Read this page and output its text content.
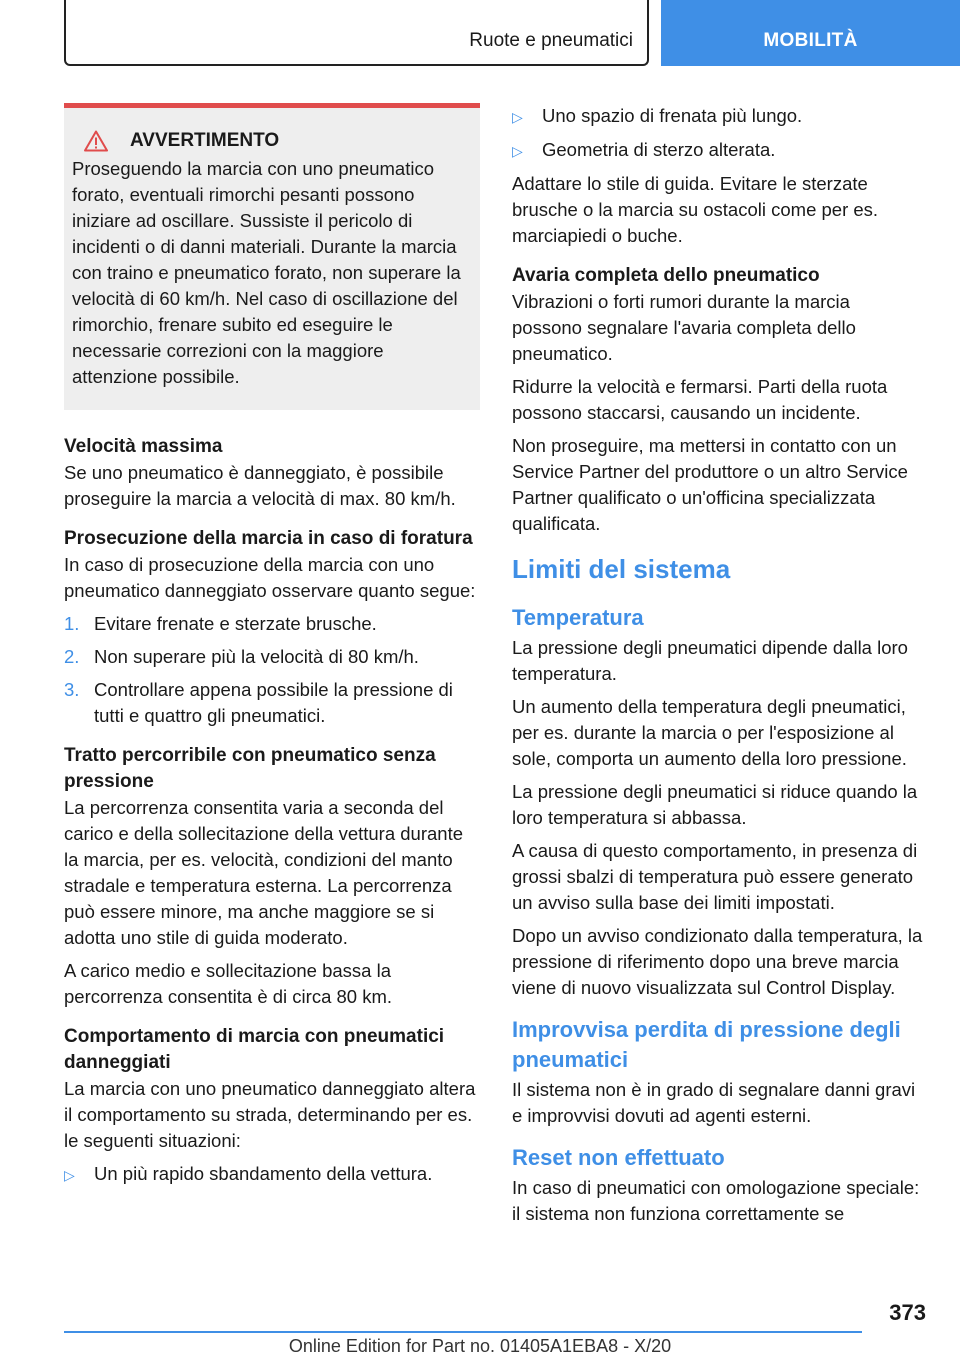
Ruote e pneumatici	MOBILITÀ
AVVERTIMENTO
Proseguendo la marcia con uno pneumatico forato, eventuali rimorchi pesanti possono iniziare ad oscillare. Sussiste il pericolo di incidenti o di danni materiali. Durante la marcia con traino e pneumatico forato, non superare la velocità di 60 km/h. Nel caso di oscillazione del rimorchio, frenare subito ed eseguire le necessarie correzioni con la maggiore attenzione possibile.
Velocità massima

Se uno pneumatico è danneggiato, è possibile proseguire la marcia a velocità di max. 80 km/h.

Prosecuzione della marcia in caso di foratura

In caso di prosecuzione della marcia con uno pneumatico danneggiato osservare quanto segue:

1. Evitare frenate e sterzate brusche.
2. Non superare più la velocità di 80 km/h.
3. Controllare appena possibile la pressione di tutti e quattro gli pneumatici.
Tratto percorribile con pneumatico senza pressione

La percorrenza consentita varia a seconda del carico e della sollecitazione della vettura durante la marcia, per es. velocità, condizioni del manto stradale e temperatura esterna. La percorrenza può essere minore, ma anche maggiore se si adotta uno stile di guida moderato.

A carico medio e sollecitazione bassa la percorrenza consentita è di circa 80 km.

Comportamento di marcia con pneumatici danneggiati

La marcia con uno pneumatico danneggiato altera il comportamento su strada, determinando per es. le seguenti situazioni:

▷	Un più rapido sbandamento della vettura.
▷	Uno spazio di frenata più lungo.
▷	Geometria di sterzo alterata.

Adattare lo stile di guida. Evitare le sterzate brusche o la marcia su ostacoli come per es. marciapiedi o buche.

Avaria completa dello pneumatico

Vibrazioni o forti rumori durante la marcia possono segnalare l'avaria completa dello pneumatico.

Ridurre la velocità e fermarsi. Parti della ruota possono staccarsi, causando un incidente.

Non proseguire, ma mettersi in contatto con un Service Partner del produttore o un altro Service Partner qualificato o un'officina specializzata qualificata.

Limiti del sistema
Temperatura

La pressione degli pneumatici dipende dalla loro temperatura.

Un aumento della temperatura degli pneumatici, per es. durante la marcia o per l'esposizione al sole, comporta un aumento della loro pressione.

La pressione degli pneumatici si riduce quando la loro temperatura si abbassa.

A causa di questo comportamento, in presenza di grossi sbalzi di temperatura può essere generato un avviso sulla base dei limiti impostati.

Dopo un avviso condizionato dalla temperatura, la pressione di riferimento dopo una breve marcia viene di nuovo visualizzata sul Control Display.

Improvvisa perdita di pressione degli pneumatici

Il sistema non è in grado di segnalare danni gravi e improvvisi dovuti ad agenti esterni.

Reset non effettuato

In caso di pneumatici con omologazione speciale: il sistema non funziona correttamente se

373
Online Edition for Part no. 01405A1EBA8 - X/20
